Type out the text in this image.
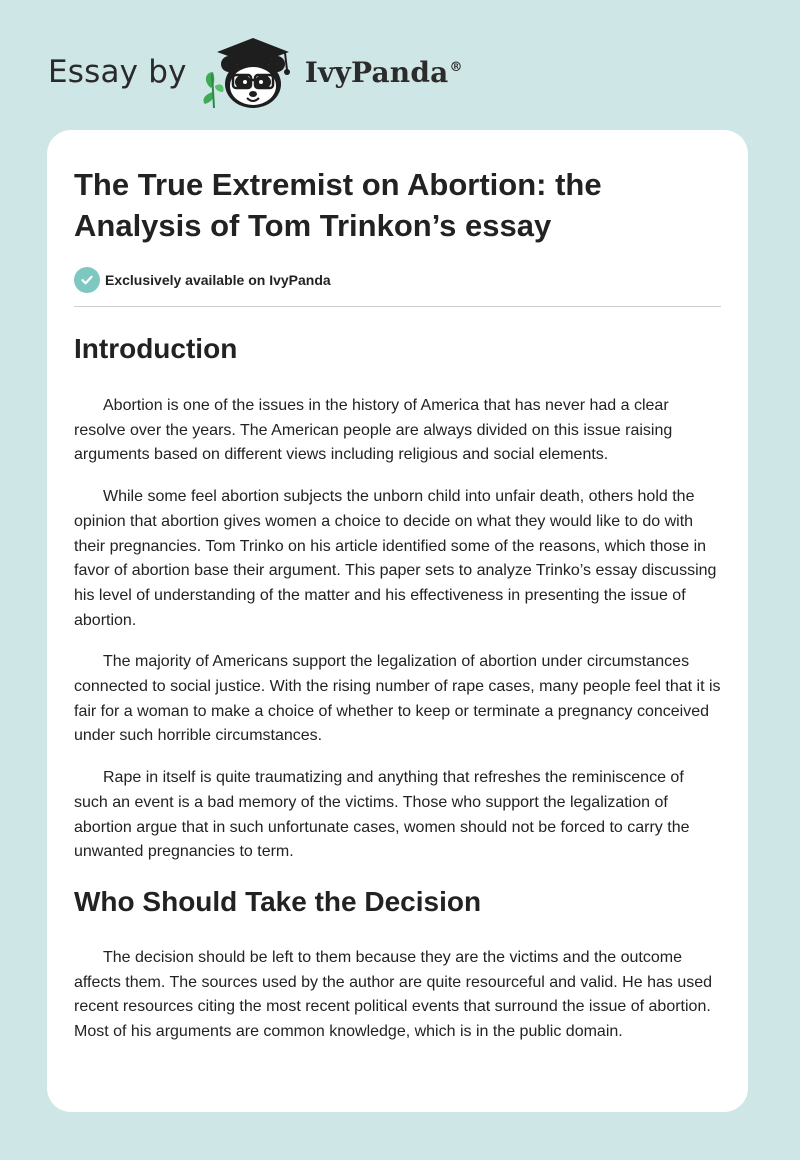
Essay by	IvyPanda®
The True Extremist on Abortion: the Analysis of Tom Trinkon’s essay
Exclusively available on IvyPanda
Introduction

Abortion is one of the issues in the history of America that has never had a clear resolve over the years. The American people are always divided on this issue raising arguments based on different views including religious and social elements.

While some feel abortion subjects the unborn child into unfair death, others hold the opinion that abortion gives women a choice to decide on what they would like to do with their pregnancies. Tom Trinko on his article identified some of the reasons, which those in favor of abortion base their argument. This paper sets to analyze Trinko’s essay discussing his level of understanding of the matter and his effectiveness in presenting the issue of abortion.

The majority of Americans support the legalization of abortion under circumstances connected to social justice. With the rising number of rape cases, many people feel that it is fair for a woman to make a choice of whether to keep or terminate a pregnancy conceived under such horrible circumstances.

Rape in itself is quite traumatizing and anything that refreshes the reminiscence of such an event is a bad memory of the victims. Those who support the legalization of abortion argue that in such unfortunate cases, women should not be forced to carry the unwanted pregnancies to term.

Who Should Take the Decision

The decision should be left to them because they are the victims and the outcome affects them. The sources used by the author are quite resourceful and valid. He has used recent resources citing the most recent political events that surround the issue of abortion. Most of his arguments are common knowledge, which is in the public domain.
